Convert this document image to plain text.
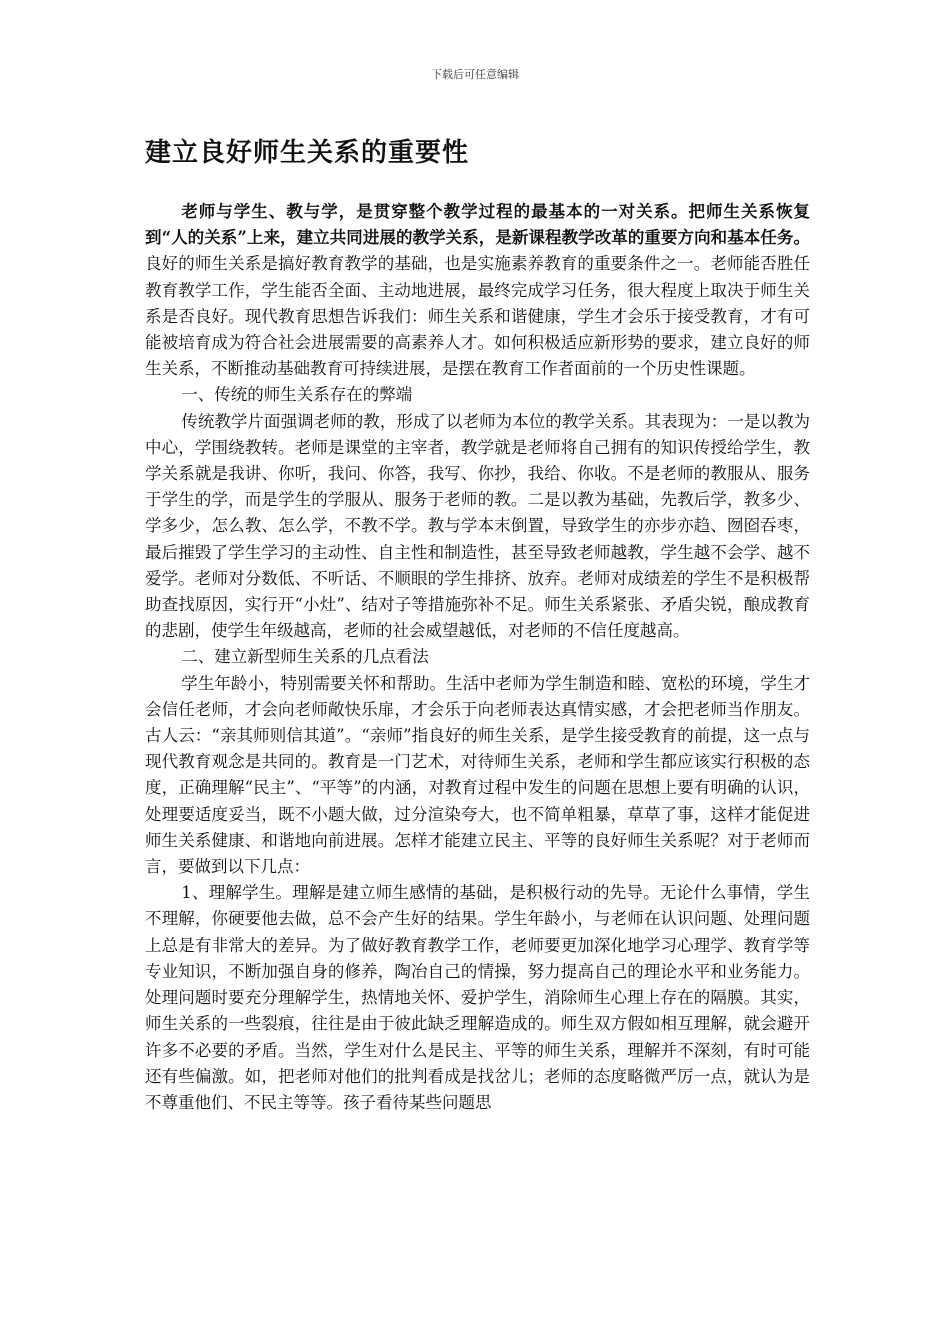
下载后可任意编辑
建立良好师生关系的重要性

老师与学生、教与学，是贯穿整个教学过程的最基本的一对关系。把师生关系恢复到“人的关系”上来，建立共同进展的教学关系，是新课程教学改革的重要方向和基本任务。良好的师生关系是搞好教育教学的基础，也是实施素养教育的重要条件之一。老师能否胜任教育教学工作，学生能否全面、主动地进展，最终完成学习任务，很大程度上取决于师生关系是否良好。现代教育思想告诉我们：师生关系和谐健康，学生才会乐于接受教育，才有可能被培育成为符合社会进展需要的高素养人才。如何积极适应新形势的要求，建立良好的师生关系，不断推动基础教育可持续进展，是摆在教育工作者面前的一个历史性课题。

一、传统的师生关系存在的弊端

传统教学片面强调老师的教，形成了以老师为本位的教学关系。其表现为：一是以教为中心，学围绕教转。老师是课堂的主宰者，教学就是老师将自己拥有的知识传授给学生，教学关系就是我讲、你听，我问、你答，我写、你抄，我给、你收。不是老师的教服从、服务于学生的学，而是学生的学服从、服务于老师的教。二是以教为基础，先教后学，教多少、学多少，怎么教、怎么学，不教不学。教与学本末倒置，导致学生的亦步亦趋、囫囵吞枣，最后摧毁了学生学习的主动性、自主性和制造性，甚至导致老师越教，学生越不会学、越不爱学。老师对分数低、不听话、不顺眼的学生排挤、放弃。老师对成绩差的学生不是积极帮助查找原因，实行开“小灶”、结对子等措施弥补不足。师生关系紧张、矛盾尖锐，酿成教育的悲剧，使学生年级越高，老师的社会威望越低，对老师的不信任度越高。

二、建立新型师生关系的几点看法

学生年龄小，特别需要关怀和帮助。生活中老师为学生制造和睦、宽松的环境，学生才会信任老师，才会向老师敞快乐扉，才会乐于向老师表达真情实感，才会把老师当作朋友。古人云：“亲其师则信其道”。“亲师”指良好的师生关系，是学生接受教育的前提，这一点与现代教育观念是共同的。教育是一门艺术，对待师生关系，老师和学生都应该实行积极的态度，正确理解“民主”、“平等”的内涵，对教育过程中发生的问题在思想上要有明确的认识，处理要适度妥当，既不小题大做，过分渲染夸大，也不简单粗暴，草草了事，这样才能促进师生关系健康、和谐地向前进展。怎样才能建立民主、平等的良好师生关系呢？对于老师而言，要做到以下几点：

1、理解学生。理解是建立师生感情的基础，是积极行动的先导。无论什么事情，学生不理解，你硬要他去做，总不会产生好的结果。学生年龄小，与老师在认识问题、处理问题上总是有非常大的差异。为了做好教育教学工作，老师要更加深化地学习心理学、教育学等专业知识，不断加强自身的修养，陶冶自己的情操，努力提高自己的理论水平和业务能力。处理问题时要充分理解学生，热情地关怀、爱护学生，消除师生心理上存在的隔膜。其实，师生关系的一些裂痕，往往是由于彼此缺乏理解造成的。师生双方假如相互理解，就会避开许多不必要的矛盾。当然，学生对什么是民主、平等的师生关系，理解并不深刻，有时可能还有些偏激。如，把老师对他们的批判看成是找岔儿；老师的态度略微严厉一点，就认为是不尊重他们、不民主等等。孩子看待某些问题思
